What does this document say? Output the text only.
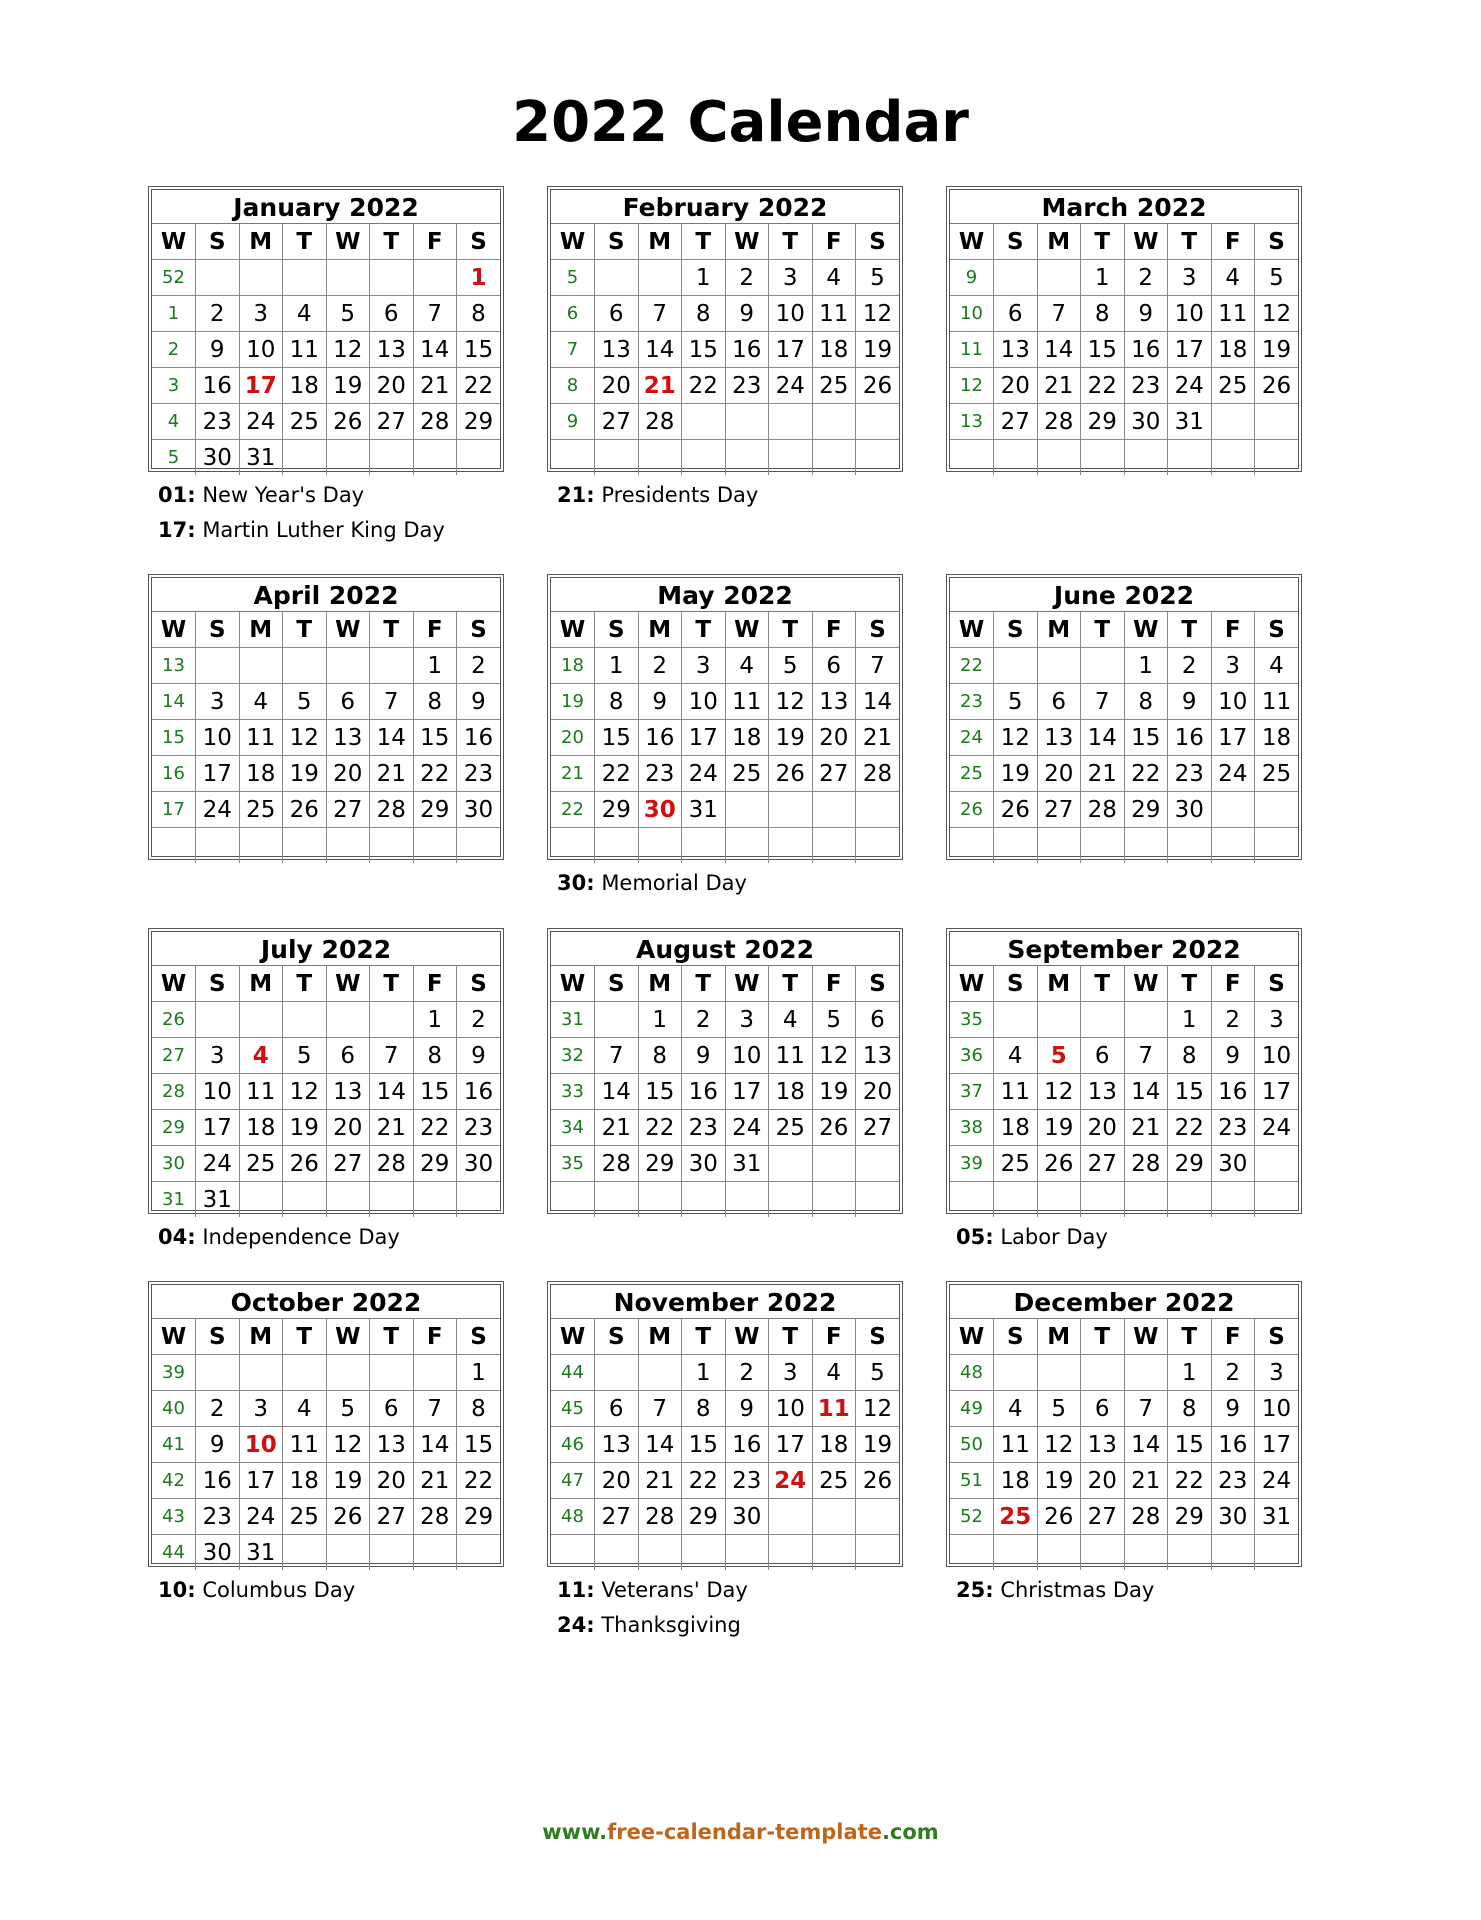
2022 Calendar
January 2022
W	S	M	T	W	T	F	S
52							1
1	2	3	4	5	6	7	8
2	9	10	11	12	13	14	15
3	16	17	18	19	20	21	22
4	23	24	25	26	27	28	29
5	30	31					
01: New Year's Day
17: Martin Luther King Day
February 2022
W	S	M	T	W	T	F	S
5			1	2	3	4	5
6	6	7	8	9	10	11	12
7	13	14	15	16	17	18	19
8	20	21	22	23	24	25	26
9	27	28					

21: Presidents Day
March 2022
W	S	M	T	W	T	F	S
9			1	2	3	4	5
10	6	7	8	9	10	11	12
11	13	14	15	16	17	18	19
12	20	21	22	23	24	25	26
13	27	28	29	30	31		

April 2022
W	S	M	T	W	T	F	S
13						1	2
14	3	4	5	6	7	8	9
15	10	11	12	13	14	15	16
16	17	18	19	20	21	22	23
17	24	25	26	27	28	29	30

May 2022
W	S	M	T	W	T	F	S
18	1	2	3	4	5	6	7
19	8	9	10	11	12	13	14
20	15	16	17	18	19	20	21
21	22	23	24	25	26	27	28
22	29	30	31				

30: Memorial Day
June 2022
W	S	M	T	W	T	F	S
22				1	2	3	4
23	5	6	7	8	9	10	11
24	12	13	14	15	16	17	18
25	19	20	21	22	23	24	25
26	26	27	28	29	30		

July 2022
W	S	M	T	W	T	F	S
26						1	2
27	3	4	5	6	7	8	9
28	10	11	12	13	14	15	16
29	17	18	19	20	21	22	23
30	24	25	26	27	28	29	30
31	31						
04: Independence Day
August 2022
W	S	M	T	W	T	F	S
31		1	2	3	4	5	6
32	7	8	9	10	11	12	13
33	14	15	16	17	18	19	20
34	21	22	23	24	25	26	27
35	28	29	30	31			

September 2022
W	S	M	T	W	T	F	S
35					1	2	3
36	4	5	6	7	8	9	10
37	11	12	13	14	15	16	17
38	18	19	20	21	22	23	24
39	25	26	27	28	29	30	

05: Labor Day
October 2022
W	S	M	T	W	T	F	S
39							1
40	2	3	4	5	6	7	8
41	9	10	11	12	13	14	15
42	16	17	18	19	20	21	22
43	23	24	25	26	27	28	29
44	30	31					
10: Columbus Day
November 2022
W	S	M	T	W	T	F	S
44			1	2	3	4	5
45	6	7	8	9	10	11	12
46	13	14	15	16	17	18	19
47	20	21	22	23	24	25	26
48	27	28	29	30			

11: Veterans' Day
24: Thanksgiving
December 2022
W	S	M	T	W	T	F	S
48					1	2	3
49	4	5	6	7	8	9	10
50	11	12	13	14	15	16	17
51	18	19	20	21	22	23	24
52	25	26	27	28	29	30	31

25: Christmas Day
www.free-calendar-template.com
